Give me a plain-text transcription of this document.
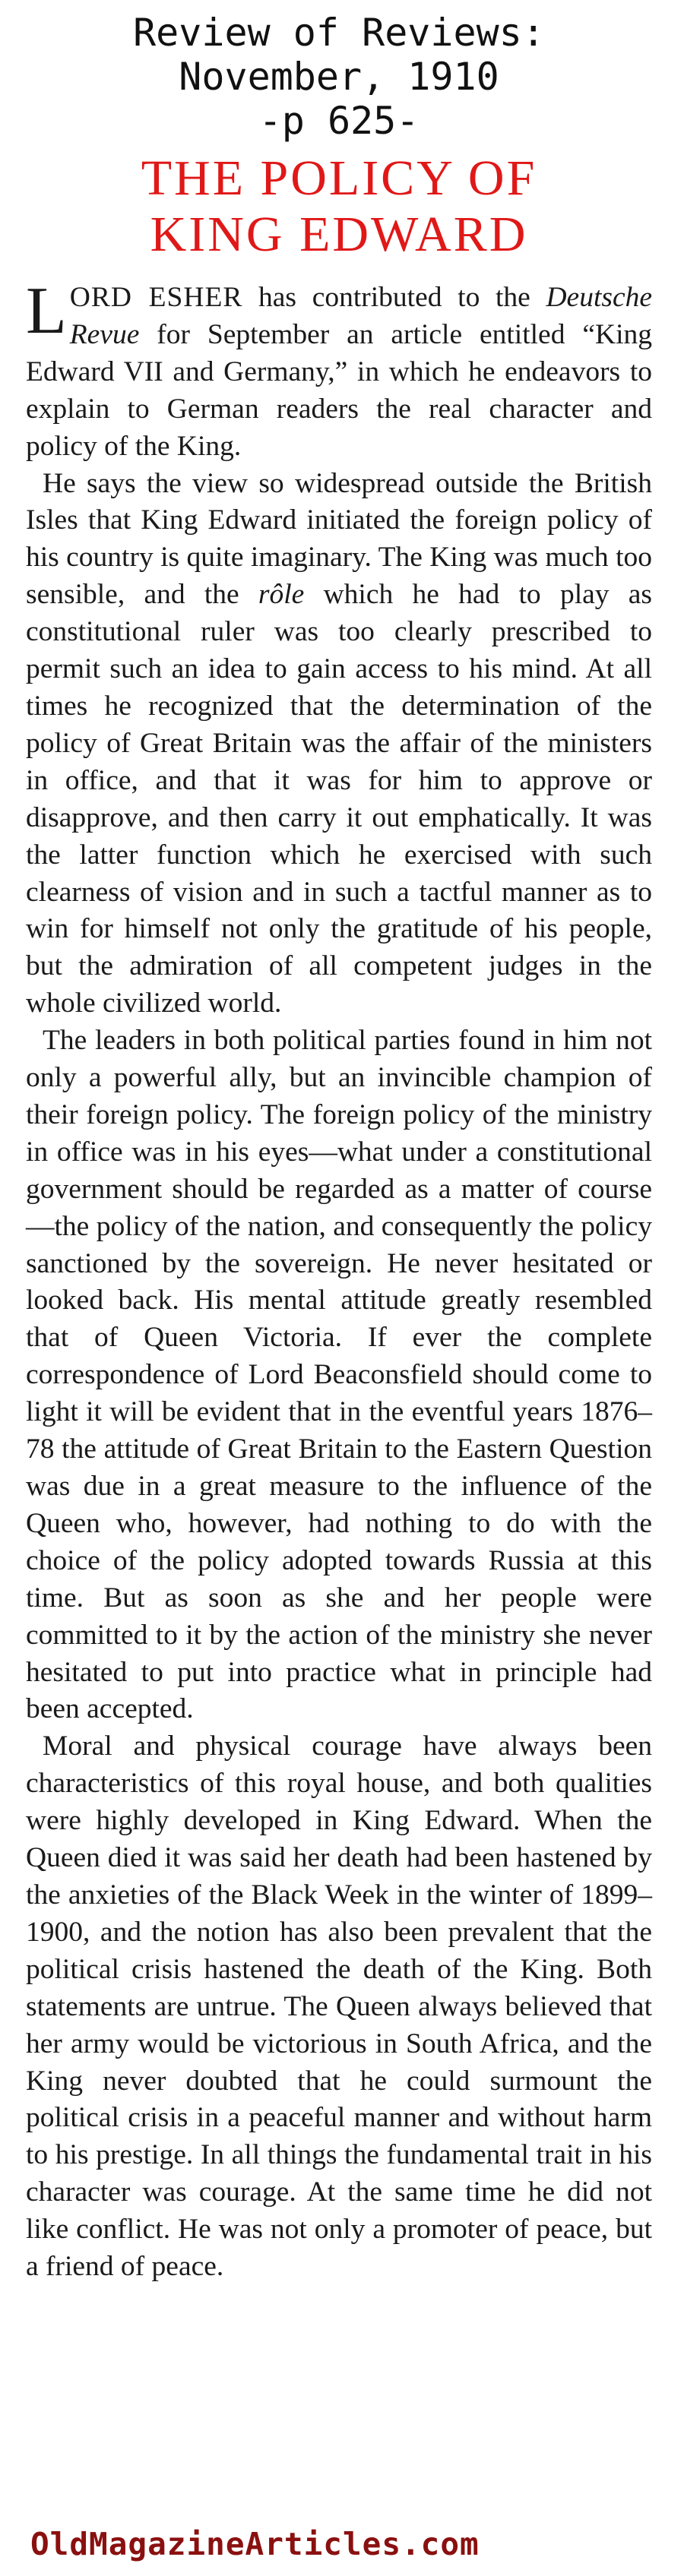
Review of Reviews:
November, 1910
-p 625-
THE POLICY OF
KING EDWARD

LORD ESHER has contributed to the Deutsche Revue for September an article entitled “King Edward VII and Germany,” in which he endeavors to explain to German readers the real character and policy of the King.

He says the view so widespread outside the British Isles that King Edward initiated the foreign policy of his country is quite imaginary. The King was much too sensible, and the rôle which he had to play as constitutional ruler was too clearly prescribed to permit such an idea to gain access to his mind. At all times he recognized that the determination of the policy of Great Britain was the affair of the ministers in office, and that it was for him to approve or disapprove, and then carry it out emphatically. It was the latter function which he exercised with such clearness of vision and in such a tactful manner as to win for himself not only the gratitude of his people, but the admiration of all competent judges in the whole civilized world.

The leaders in both political parties found in him not only a powerful ally, but an invincible champion of their foreign policy. The foreign policy of the ministry in office was in his eyes—what under a constitutional government should be regarded as a matter of course—the policy of the nation, and consequently the policy sanctioned by the sovereign. He never hesitated or looked back. His mental attitude greatly resembled that of Queen Victoria. If ever the complete correspondence of Lord Beaconsfield should come to light it will be evident that in the eventful years 1876–78 the attitude of Great Britain to the Eastern Question was due in a great measure to the influence of the Queen who, however, had nothing to do with the choice of the policy adopted towards Russia at this time. But as soon as she and her people were committed to it by the action of the ministry she never hesitated to put into practice what in principle had been accepted.

Moral and physical courage have always been characteristics of this royal house, and both qualities were highly developed in King Edward. When the Queen died it was said her death had been hastened by the anxieties of the Black Week in the winter of 1899–1900, and the notion has also been prevalent that the political crisis hastened the death of the King. Both statements are untrue. The Queen always believed that her army would be victorious in South Africa, and the King never doubted that he could surmount the political crisis in a peaceful manner and without harm to his prestige. In all things the fundamental trait in his character was courage. At the same time he did not like conflict. He was not only a promoter of peace, but a friend of peace.

OldMagazineArticles.com
